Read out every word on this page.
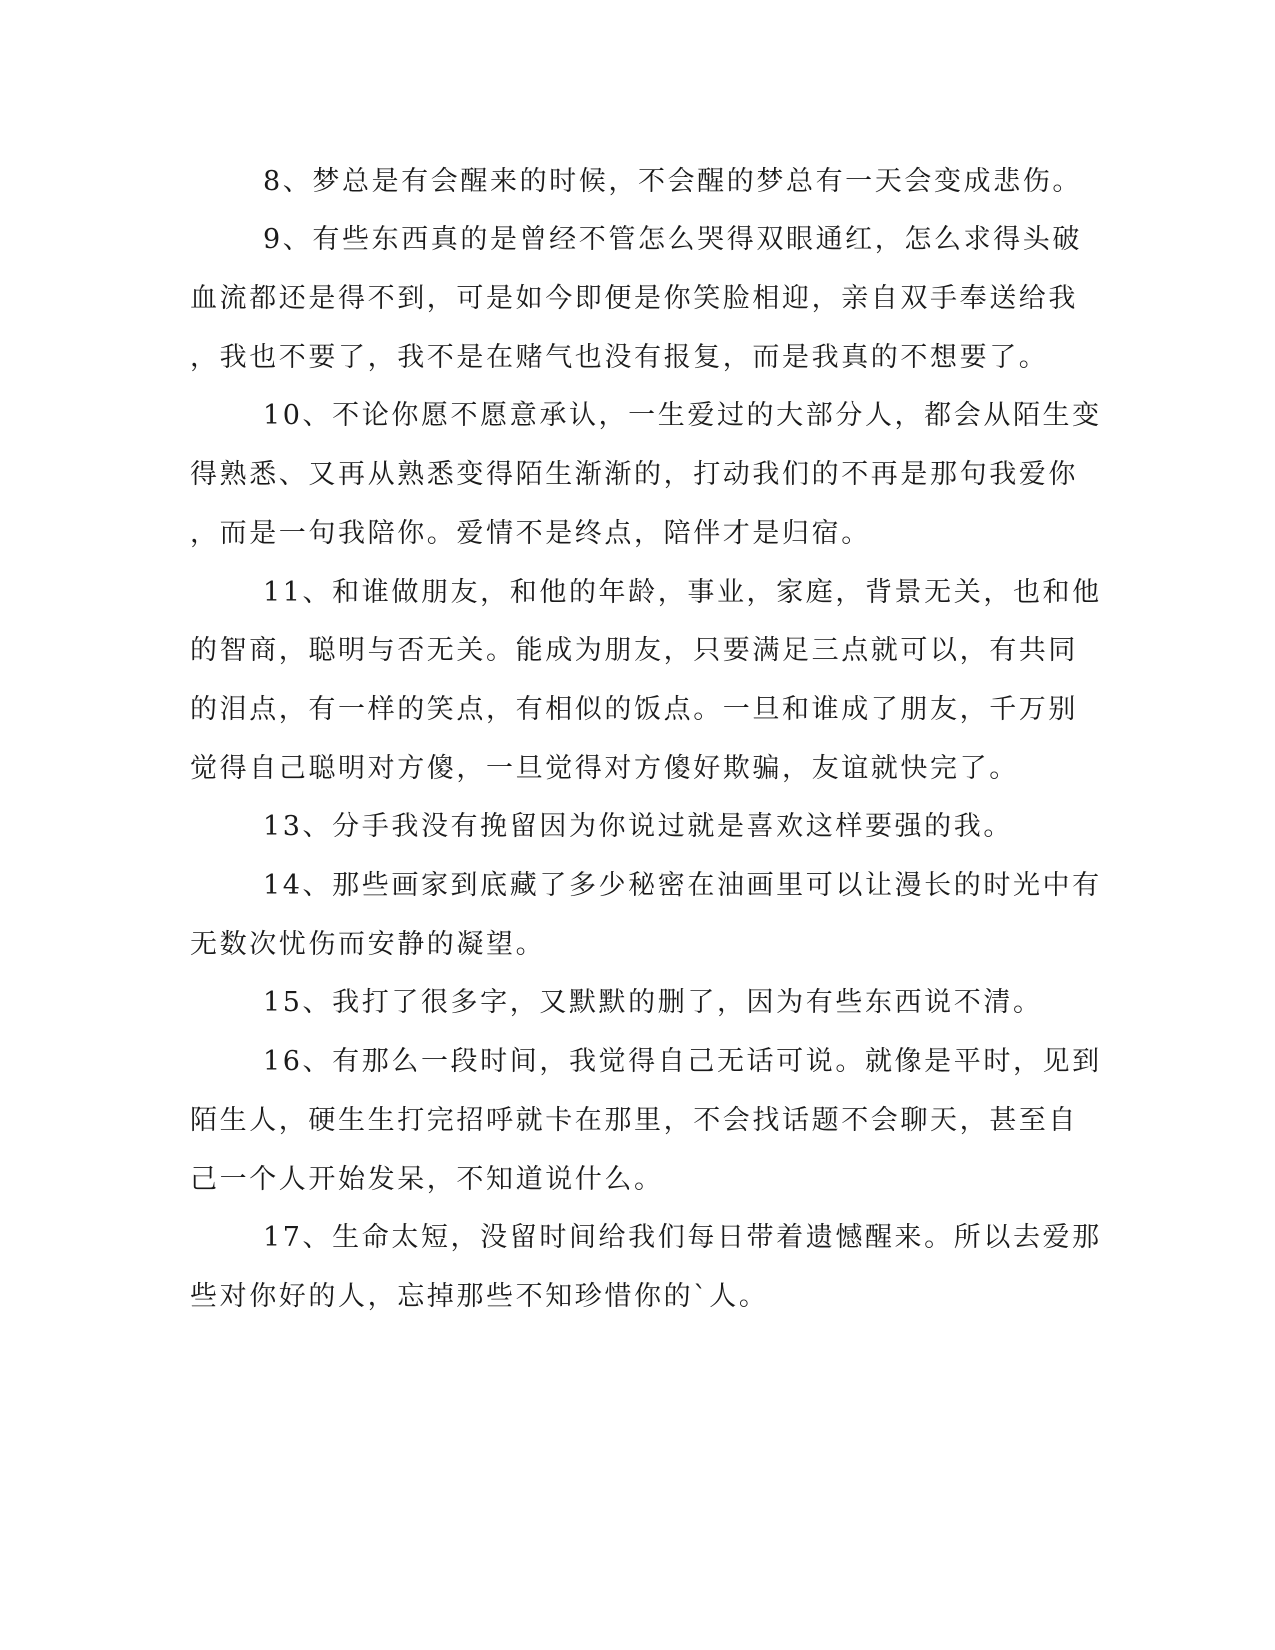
8、梦总是有会醒来的时候，不会醒的梦总有一天会变成悲伤。
9、有些东西真的是曾经不管怎么哭得双眼通红，怎么求得头破
血流都还是得不到，可是如今即便是你笑脸相迎，亲自双手奉送给我
，我也不要了，我不是在赌气也没有报复，而是我真的不想要了。
10、不论你愿不愿意承认，一生爱过的大部分人，都会从陌生变
得熟悉、又再从熟悉变得陌生渐渐的，打动我们的不再是那句我爱你
，而是一句我陪你。爱情不是终点，陪伴才是归宿。
11、和谁做朋友，和他的年龄，事业，家庭，背景无关，也和他
的智商，聪明与否无关。能成为朋友，只要满足三点就可以，有共同
的泪点，有一样的笑点，有相似的饭点。一旦和谁成了朋友，千万别
觉得自己聪明对方傻，一旦觉得对方傻好欺骗，友谊就快完了。
13、分手我没有挽留因为你说过就是喜欢这样要强的我。
14、那些画家到底藏了多少秘密在油画里可以让漫长的时光中有
无数次忧伤而安静的凝望。
15、我打了很多字，又默默的删了，因为有些东西说不清。
16、有那么一段时间，我觉得自己无话可说。就像是平时，见到
陌生人，硬生生打完招呼就卡在那里，不会找话题不会聊天，甚至自
己一个人开始发呆，不知道说什么。
17、生命太短，没留时间给我们每日带着遗憾醒来。所以去爱那
些对你好的人，忘掉那些不知珍惜你的`人。
